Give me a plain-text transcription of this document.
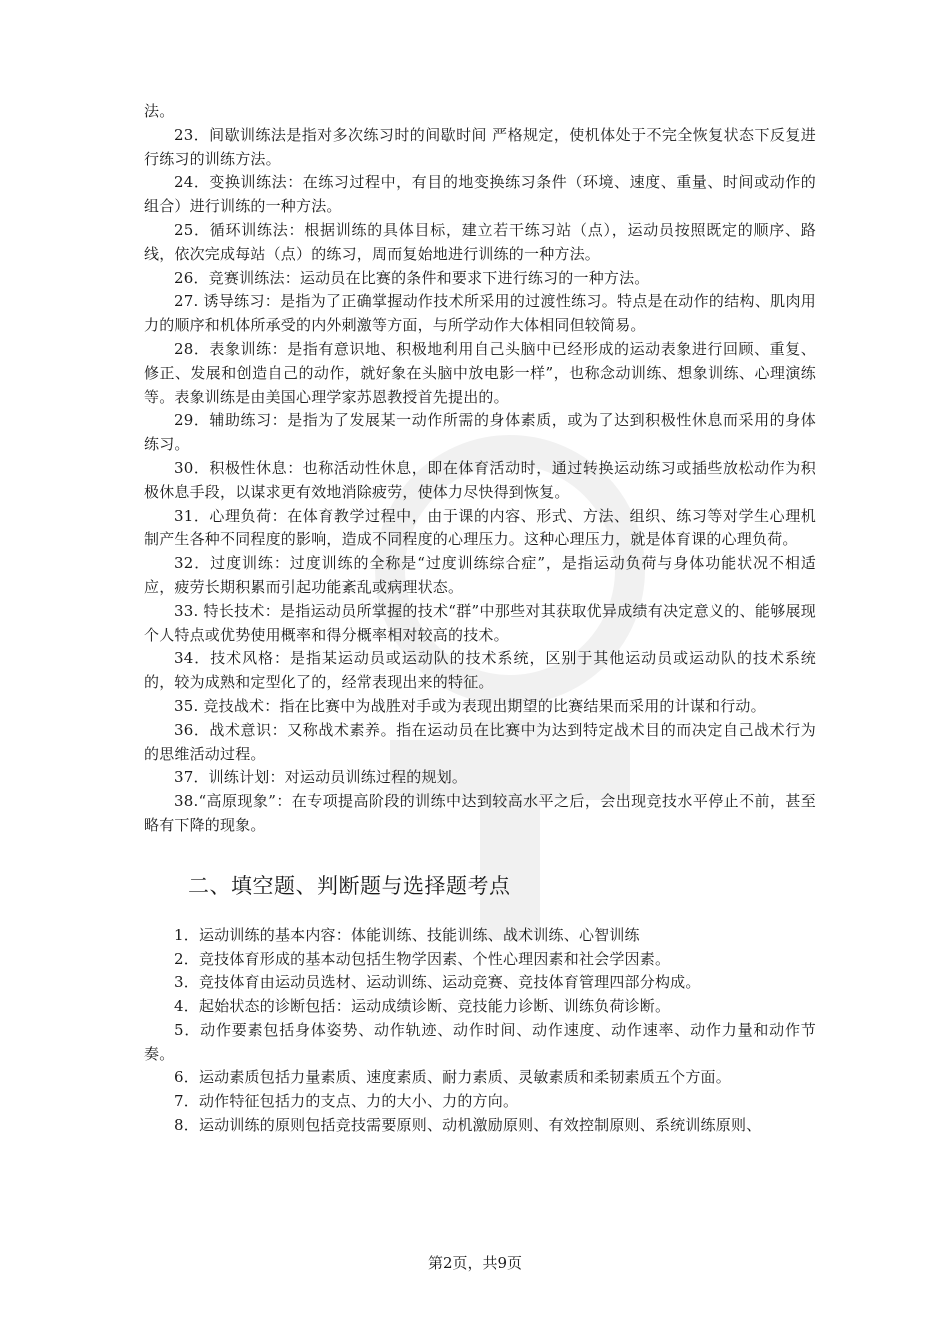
法。

23．间歇训练法是指对多次练习时的间歇时间 严格规定，使机体处于不完全恢复状态下反复进行练习的训练方法。

24．变换训练法：在练习过程中，有目的地变换练习条件（环境、速度、重量、时间或动作的组合）进行训练的一种方法。

25．循环训练法：根据训练的具体目标，建立若干练习站（点），运动员按照既定的顺序、路线，依次完成每站（点）的练习，周而复始地进行训练的一种方法。

26．竞赛训练法：运动员在比赛的条件和要求下进行练习的一种方法。

27. 诱导练习：是指为了正确掌握动作技术所采用的过渡性练习。特点是在动作的结构、肌肉用力的顺序和机体所承受的内外刺激等方面，与所学动作大体相同但较简易。

28．表象训练：是指有意识地、积极地利用自己头脑中已经形成的运动表象进行回顾、重复、修正、发展和创造自己的动作，就好象在头脑中放电影一样”，也称念动训练、想象训练、心理演练等。表象训练是由美国心理学家苏恩教授首先提出的。

29．辅助练习：是指为了发展某一动作所需的身体素质，或为了达到积极性休息而采用的身体练习。

30．积极性休息：也称活动性休息，即在体育活动时，通过转换运动练习或插些放松动作为积极休息手段，以谋求更有效地消除疲劳，使体力尽快得到恢复。

31．心理负荷：在体育教学过程中，由于课的内容、形式、方法、组织、练习等对学生心理机制产生各种不同程度的影响，造成不同程度的心理压力。这种心理压力，就是体育课的心理负荷。

32．过度训练：过度训练的全称是“过度训练综合症”，是指运动负荷与身体功能状况不相适应，疲劳长期积累而引起功能紊乱或病理状态。

33. 特长技术：是指运动员所掌握的技术“群”中那些对其获取优异成绩有决定意义的、能够展现个人特点或优势使用概率和得分概率相对较高的技术。

34．技术风格：是指某运动员或运动队的技术系统，区别于其他运动员或运动队的技术系统的，较为成熟和定型化了的，经常表现出来的特征。

35. 竞技战术：指在比赛中为战胜对手或为表现出期望的比赛结果而采用的计谋和行动。

36．战术意识：又称战术素养。指在运动员在比赛中为达到特定战术目的而决定自己战术行为的思维活动过程。

37．训练计划：对运动员训练过程的规划。

38.“高原现象”：在专项提高阶段的训练中达到较高水平之后，会出现竞技水平停止不前，甚至略有下降的现象。

二、填空题、判断题与选择题考点

1．运动训练的基本内容：体能训练、技能训练、战术训练、心智训练

2．竞技体育形成的基本动包括生物学因素、个性心理因素和社会学因素。

3．竞技体育由运动员选材、运动训练、运动竞赛、竞技体育管理四部分构成。

4．起始状态的诊断包括：运动成绩诊断、竞技能力诊断、训练负荷诊断。

5．动作要素包括身体姿势、动作轨迹、动作时间、动作速度、动作速率、动作力量和动作节奏。

6．运动素质包括力量素质、速度素质、耐力素质、灵敏素质和柔韧素质五个方面。

7．动作特征包括力的支点、力的大小、力的方向。

8．运动训练的原则包括竞技需要原则、动机激励原则、有效控制原则、系统训练原则、

第2页，共9页
